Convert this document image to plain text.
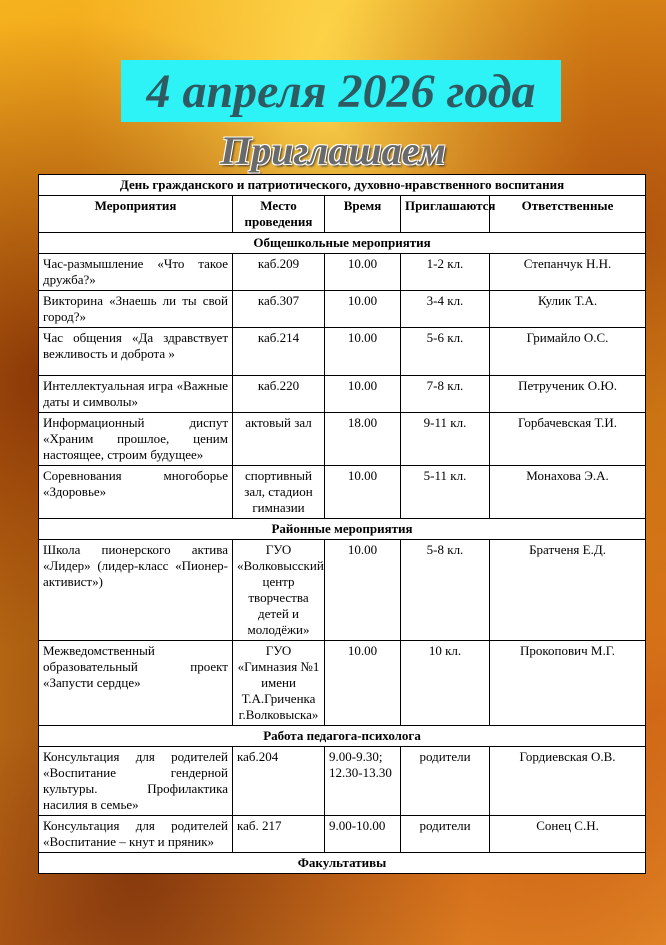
4 апреля 2026 года
Приглашаем
День гражданского и патриотического, духовно-нравственного воспитания				
Мероприятия	Место проведения	Время	Приглашаются	Ответственные
Общешкольные мероприятия				
Час-размышление «Что такое дружба?»	каб.209	10.00	1-2 кл.	Степанчук Н.Н.
Викторина «Знаешь ли ты свой город?»	каб.307	10.00	3-4 кл.	Кулик Т.А.
Час общения «Да здравствует вежливость и доброта »	каб.214	10.00	5-6 кл.	Гримайло О.С.
Интеллектуальная игра «Важные даты и символы»	каб.220	10.00	7-8 кл.	Петрученик О.Ю.
Информационный диспут «Храним прошлое, ценим настоящее, строим будущее»	актовый зал	18.00	9-11 кл.	Горбачевская Т.И.
Соревнования многоборье «Здоровье»	спортивный зал, стадион гимназии	10.00	5-11 кл.	Монахова Э.А.
Районные мероприятия				
Школа пионерского актива «Лидер» (лидер-класс «Пионер-активист»)	ГУО «Волковысский центр творчества детей и молодёжи»	10.00	5-8 кл.	Братченя Е.Д.
Межведомственный образовательный проект «Запусти сердце»	ГУО «Гимназия №1 имени Т.А.Гриченка г.Волковыска»	10.00	10 кл.	Прокопович М.Г.
Работа педагога-психолога				
Консультация для родителей «Воспитание гендерной культуры. Профилактика насилия в семье»	каб.204	9.00-9.30; 12.30-13.30	родители	Гордиевская О.В.
Консультация для родителей «Воспитание – кнут и пряник»	каб. 217	9.00-10.00	родители	Сонец С.Н.
Факультативы				
